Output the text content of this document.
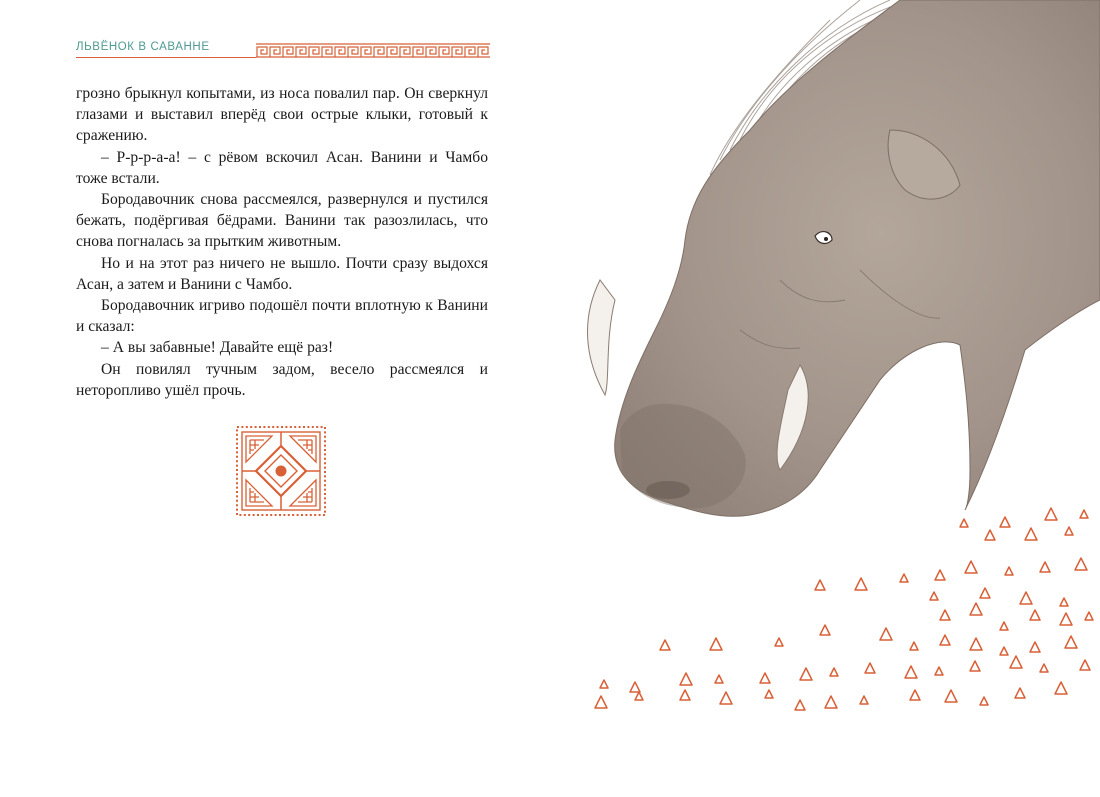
ЛЬВЁНОК В САВАННЕ

грозно брыкнул копытами, из носа повалил пар. Он сверкнул глазами и выставил вперёд свои острые клыки, готовый к сражению.

– Р-р-р-а-а! – с рёвом вскочил Асан. Ванини и Чамбо тоже встали.

Бородавочник снова рассмеялся, развернулся и пустился бежать, подёргивая бёдрами. Ванини так разозлилась, что снова погналась за прытким животным.

Но и на этот раз ничего не вышло. Почти сразу выдохся Асан, а затем и Ванини с Чамбо.

Бородавочник игриво подошёл почти вплотную к Ванини и сказал:

– А вы забавные! Давайте ещё раз!

Он повилял тучным задом, весело рассмеялся и неторопливо ушёл прочь.
